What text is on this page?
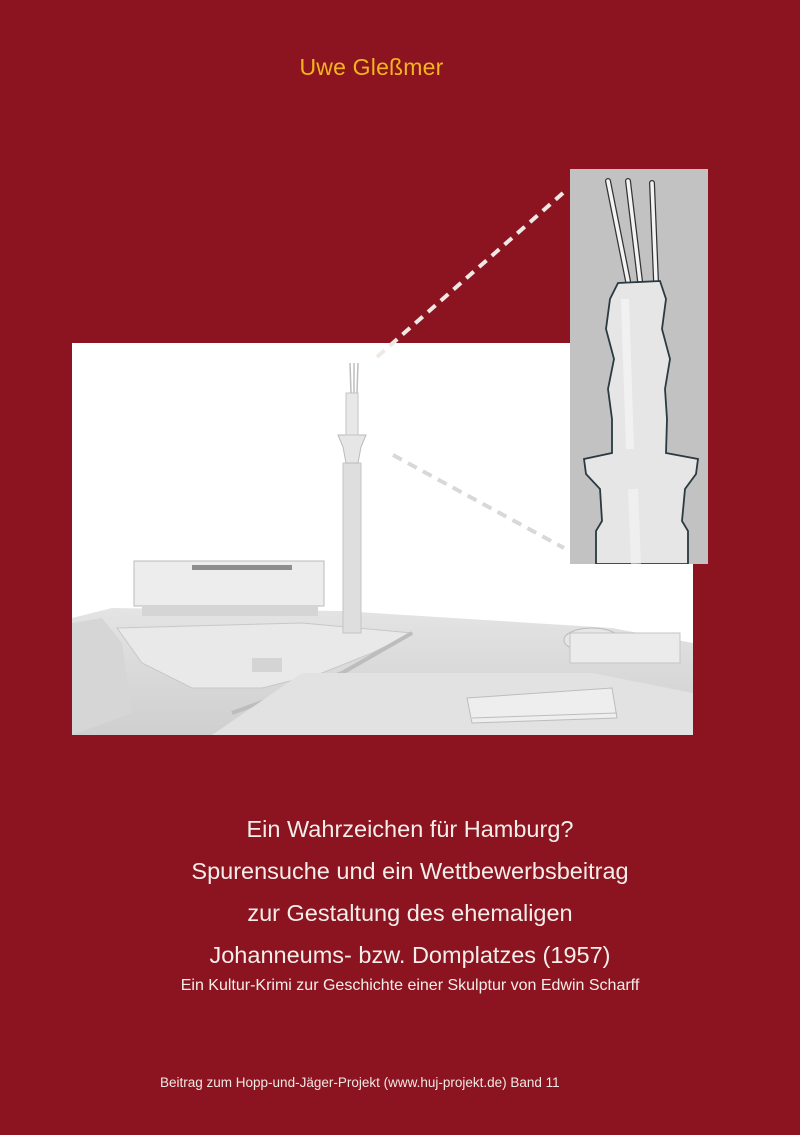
Uwe Gleßmer
Ein Wahrzeichen für Hamburg?
Spurensuche und ein Wettbewerbsbeitrag
zur Gestaltung des ehemaligen
Johanneums- bzw. Domplatzes (1957)
Ein Kultur-Krimi zur Geschichte einer Skulptur von Edwin Scharff
Beitrag zum Hopp-und-Jäger-Projekt (www.huj-projekt.de) Band 11
